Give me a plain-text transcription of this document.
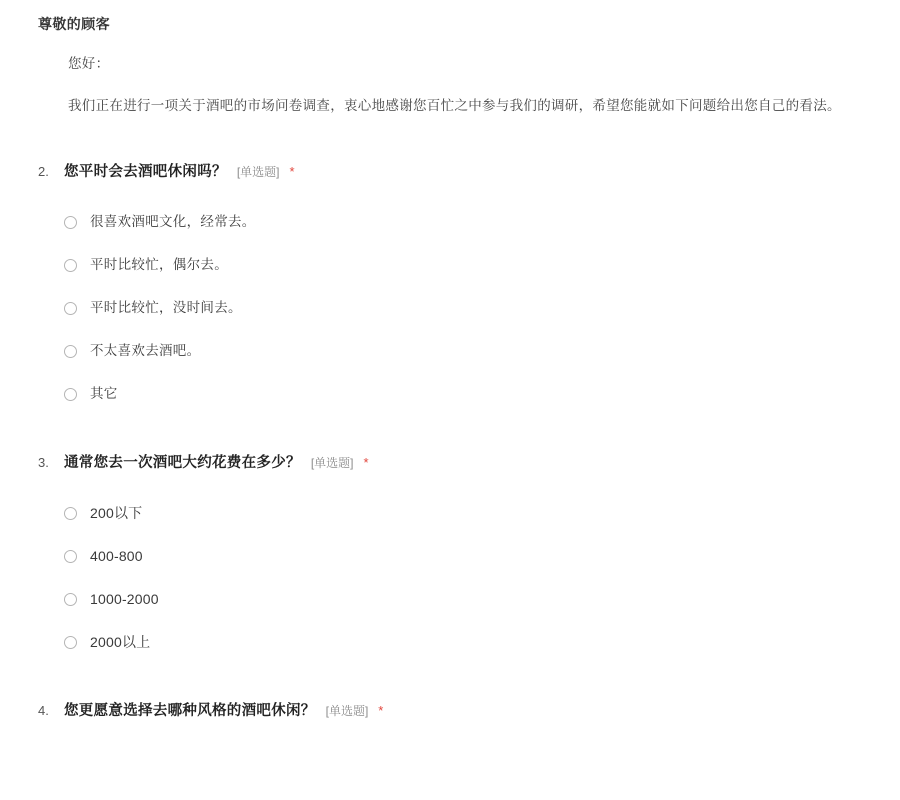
尊敬的顾客
您好：
我们正在进行一项关于酒吧的市场问卷调查，衷心地感谢您百忙之中参与我们的调研，希望您能就如下问题给出您自己的看法。
2.	您平时会去酒吧休闲吗？ [单选题] *
很喜欢酒吧文化，经常去。
平时比较忙，偶尔去。
平时比较忙，没时间去。
不太喜欢去酒吧。
其它
3.	通常您去一次酒吧大约花费在多少？ [单选题] *
200以下
400-800
1000-2000
2000以上
4.	您更愿意选择去哪种风格的酒吧休闲？ [单选题] *
